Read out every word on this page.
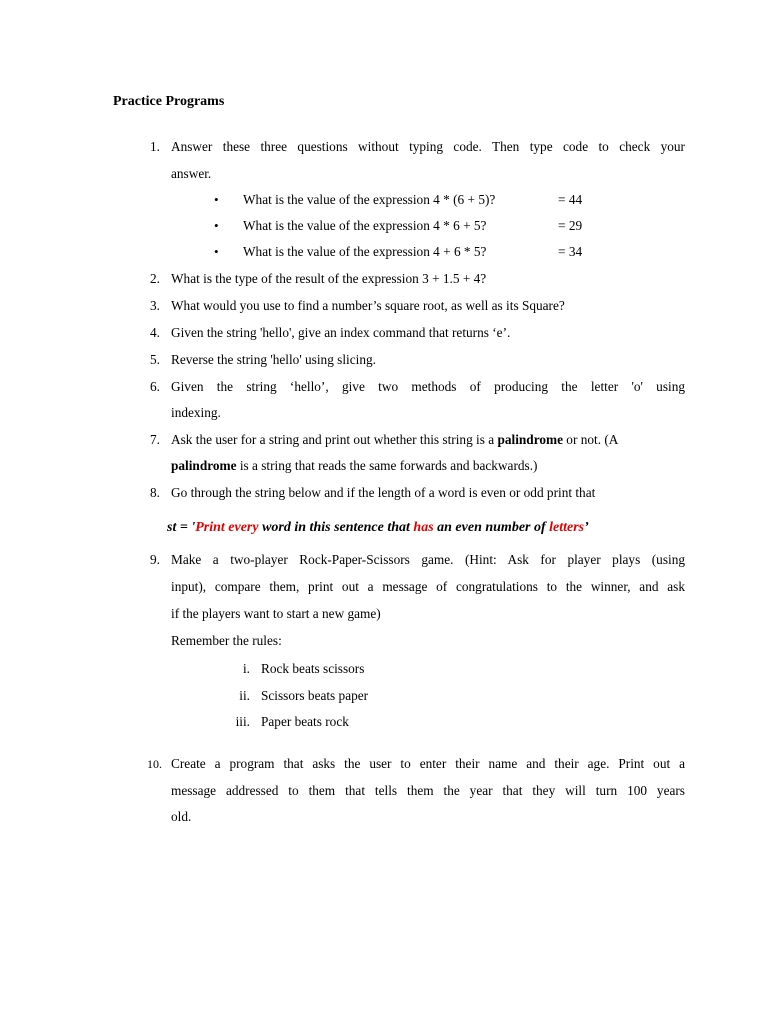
Practice Programs
1. Answer these three questions without typing code. Then type code to check your
answer.
• What is the value of the expression 4 * (6 + 5)?	= 44
• What is the value of the expression 4 * 6 + 5?	= 29
• What is the value of the expression 4 + 6 * 5?	= 34
2. What is the type of the result of the expression 3 + 1.5 + 4?
3. What would you use to find a number’s square root, as well as its Square?
4. Given the string 'hello', give an index command that returns ‘e’.
5. Reverse the string 'hello' using slicing.
6. Given the string ‘hello’, give two methods of producing the letter 'o' using
indexing.
7. Ask the user for a string and print out whether this string is a palindrome or not. (A
palindrome is a string that reads the same forwards and backwards.)
8. Go through the string below and if the length of a word is even or odd print that
st = 'Print every word in this sentence that has an even number of letters’
9. Make a two-player Rock-Paper-Scissors game. (Hint: Ask for player plays (using
input), compare them, print out a message of congratulations to the winner, and ask
if the players want to start a new game)
Remember the rules:
i. Rock beats scissors
ii. Scissors beats paper
iii. Paper beats rock
10. Create a program that asks the user to enter their name and their age. Print out a
message addressed to them that tells them the year that they will turn 100 years
old.
